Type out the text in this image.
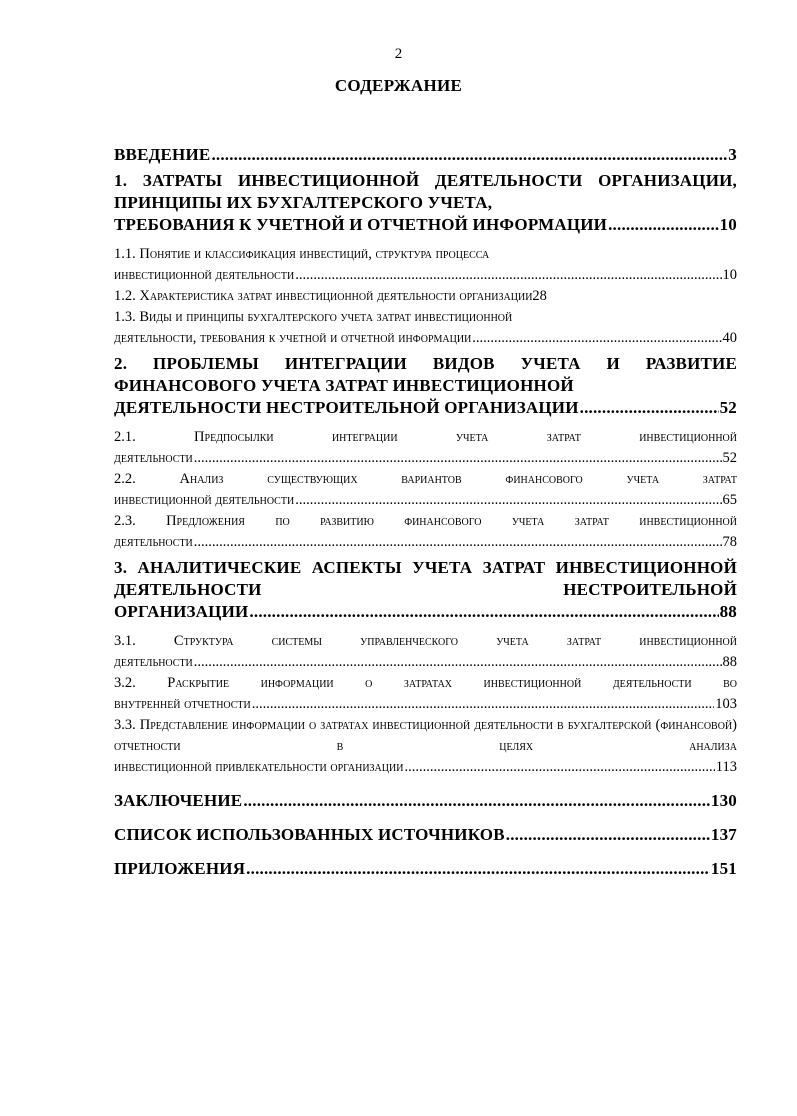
2
СОДЕРЖАНИЕ
ВВЕДЕНИЕ .....	3
1. ЗАТРАТЫ ИНВЕСТИЦИОННОЙ ДЕЯТЕЛЬНОСТИ ОРГАНИЗАЦИИ, ПРИНЦИПЫ ИХ БУХГАЛТЕРСКОГО УЧЕТА,
ТРЕБОВАНИЯ К УЧЕТНОЙ И ОТЧЕТНОЙ ИНФОРМАЦИИ .....	10
1.1. Понятие и классификация инвестиций, структура процесса
инвестиционной деятельности .....	10
1.2. Характеристика затрат инвестиционной деятельности организации 28
1.3. Виды и принципы бухгалтерского учета затрат инвестиционной
деятельности, требования к учетной и отчетной информации .....	40
2. ПРОБЛЕМЫ ИНТЕГРАЦИИ ВИДОВ УЧЕТА И РАЗВИТИЕ ФИНАНСОВОГО УЧЕТА ЗАТРАТ ИНВЕСТИЦИОННОЙ
ДЕЯТЕЛЬНОСТИ НЕСТРОИТЕЛЬНОЙ ОРГАНИЗАЦИИ .....	52
2.1. Предпосылки интеграции учета затрат инвестиционной
деятельности .....	52
2.2. Анализ существующих вариантов финансового учета затрат
инвестиционной деятельности .....	65
2.3. Предложения по развитию финансового учета затрат инвестиционной
деятельности .....	78
3. АНАЛИТИЧЕСКИЕ АСПЕКТЫ УЧЕТА ЗАТРАТ ИНВЕСТИЦИОННОЙ ДЕЯТЕЛЬНОСТИ НЕСТРОИТЕЛЬНОЙ
ОРГАНИЗАЦИИ .....	88
3.1. Структура системы управленческого учета затрат инвестиционной
деятельности .....	88
3.2. Раскрытие информации о затратах инвестиционной деятельности во
внутренней отчетности .....	103
3.3. Представление информации о затратах инвестиционной деятельности в бухгалтерской (финансовой) отчетности в целях анализа
инвестиционной привлекательности организации .....	113
ЗАКЛЮЧЕНИЕ .....	130
СПИСОК ИСПОЛЬЗОВАННЫХ ИСТОЧНИКОВ .....	137
ПРИЛОЖЕНИЯ .....	151
